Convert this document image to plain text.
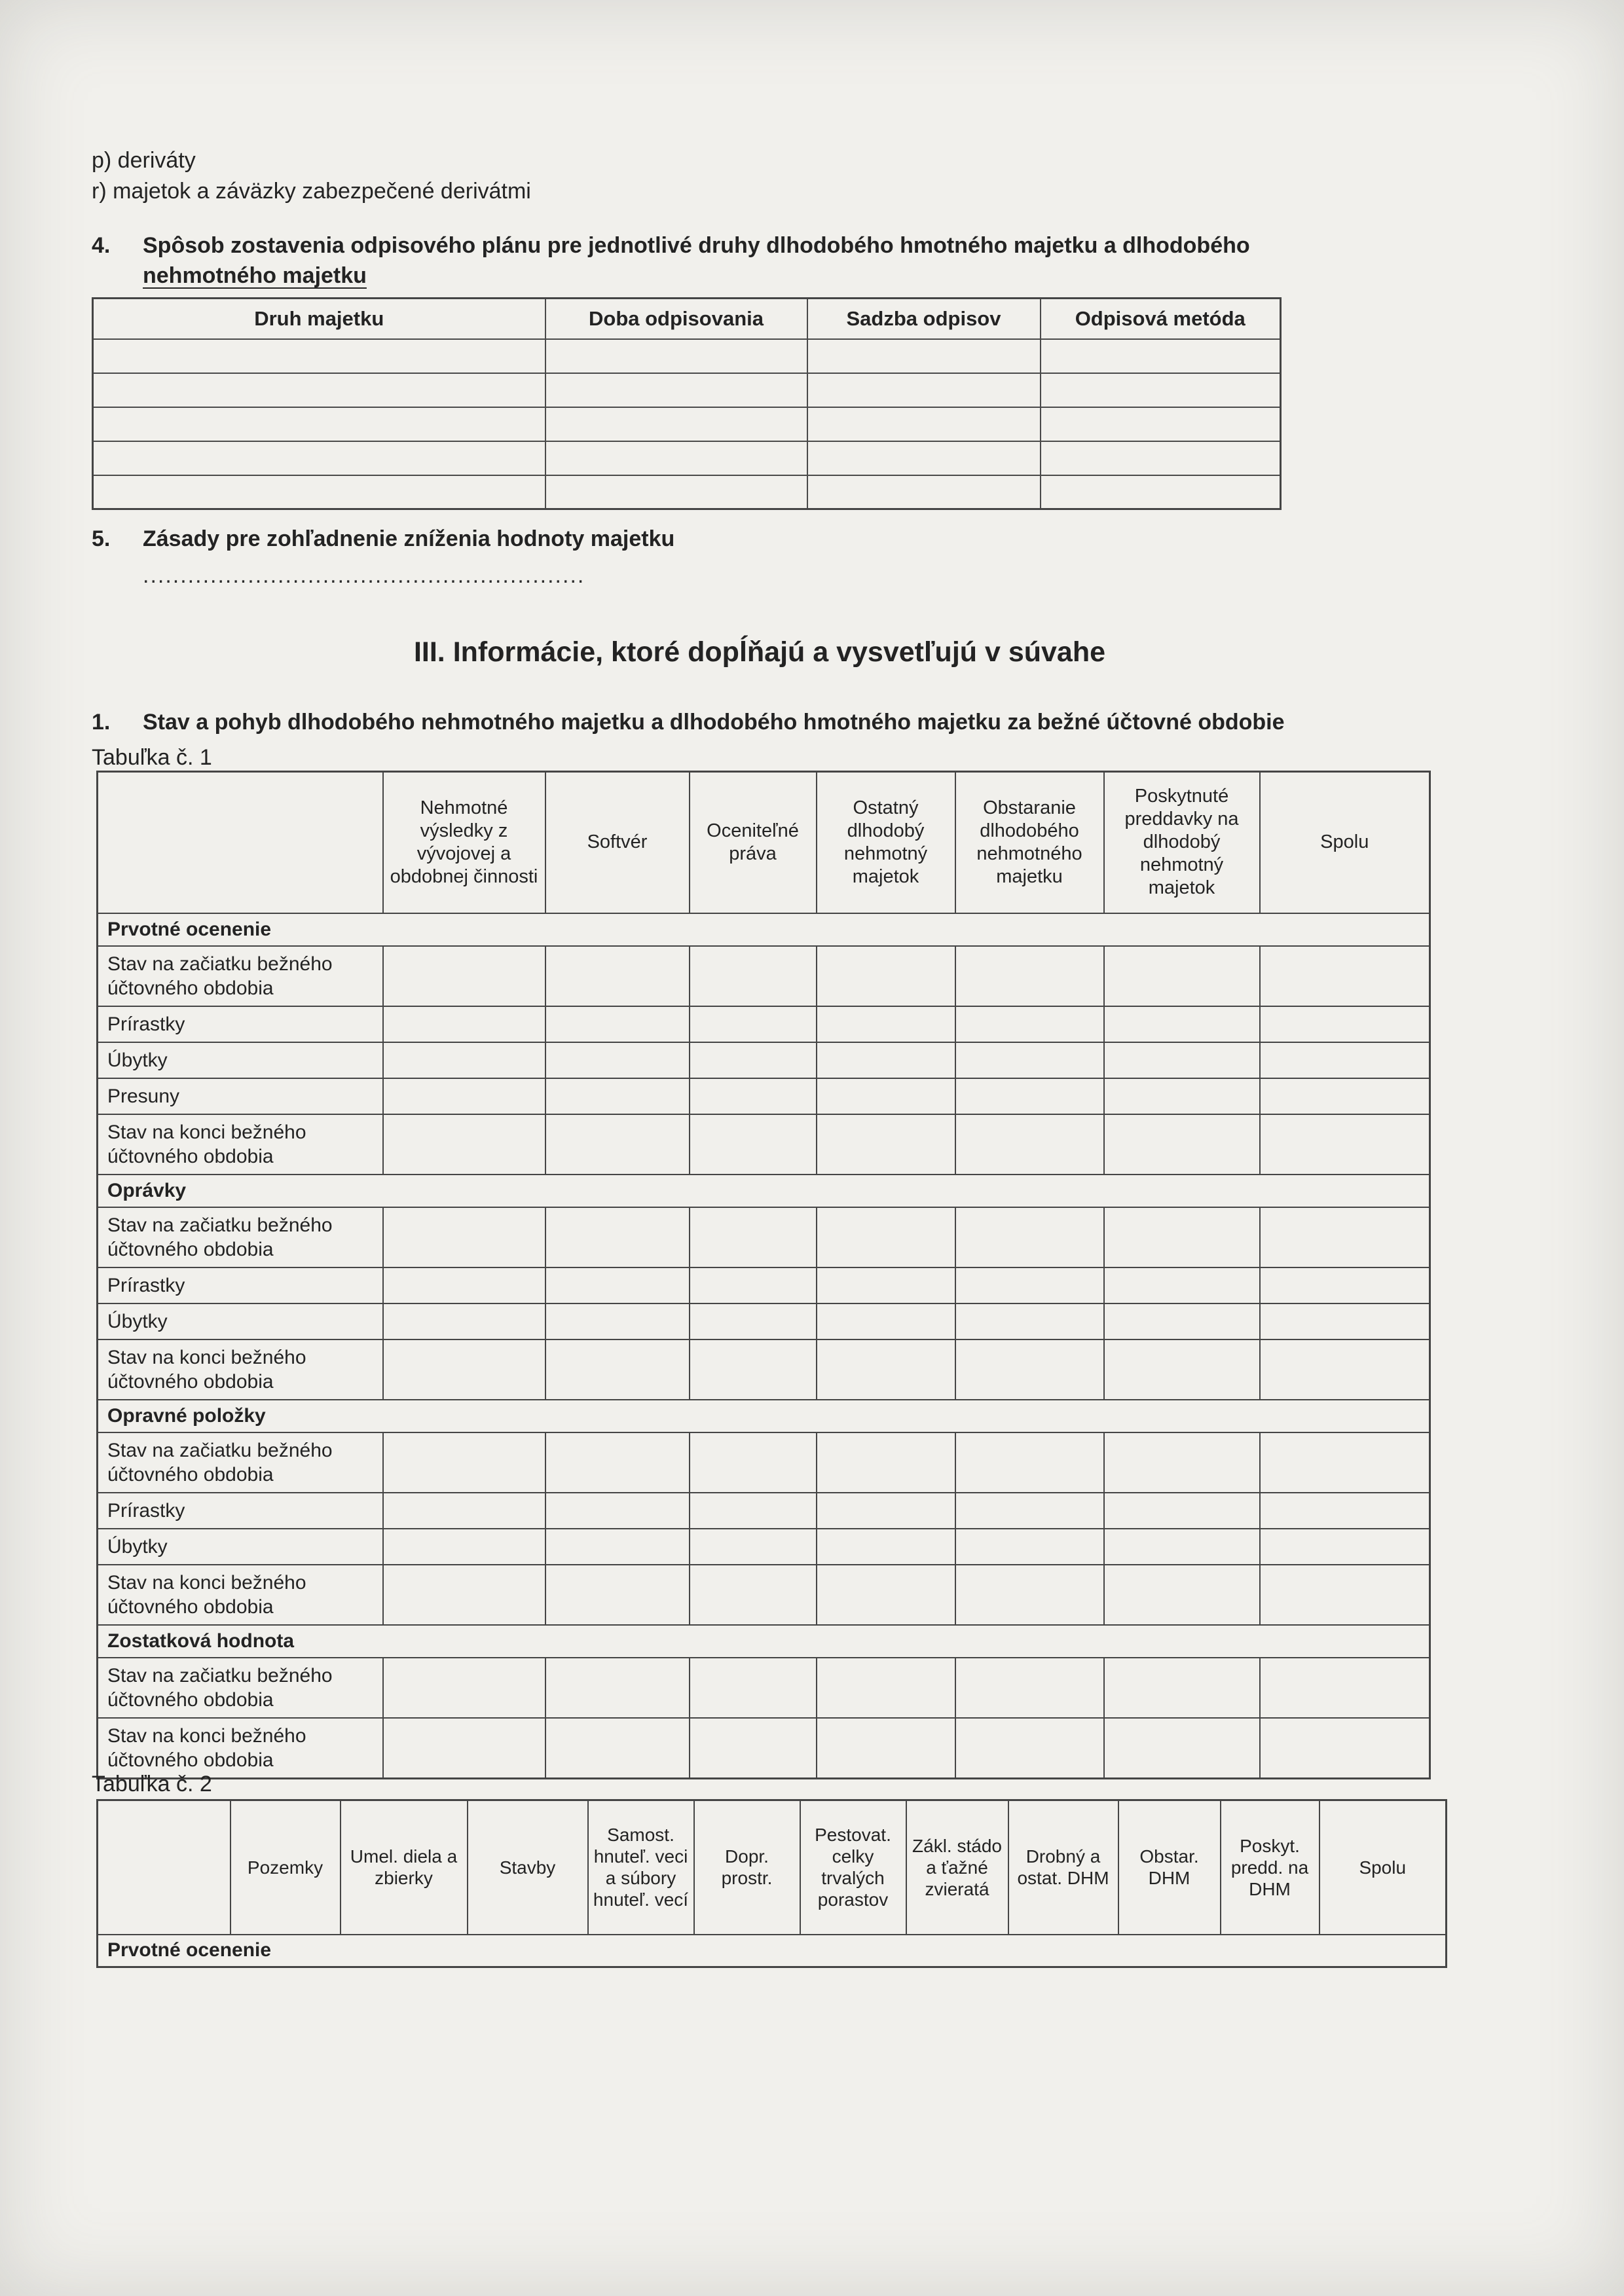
p) deriváty
r) majetok a záväzky zabezpečené derivátmi
4.	Spôsob zostavenia odpisového plánu pre jednotlivé druhy dlhodobého hmotného majetku a dlhodobého
nehmotného majetku
Druh majetku	Doba odpisovania	Sadzba odpisov	Odpisová metóda

5.	Zásady pre zohľadnenie zníženia hodnoty majetku
...........................................................
III. Informácie, ktoré dopĺňajú a vysvetľujú v súvahe
1.	Stav a pohyb dlhodobého nehmotného majetku a dlhodobého hmotného majetku za bežné účtovné obdobie
Tabuľka č. 1
	Nehmotné výsledky z vývojovej a obdobnej činnosti	Softvér	Oceniteľné práva	Ostatný dlhodobý nehmotný majetok	Obstaranie dlhodobého nehmotného majetku	Poskytnuté preddavky na dlhodobý nehmotný majetok	Spolu
Prvotné ocenenie							
Stav na začiatku bežného účtovného obdobia							
Prírastky							
Úbytky							
Presuny							
Stav na konci bežného účtovného obdobia							
Oprávky							
Stav na začiatku bežného účtovného obdobia							
Prírastky							
Úbytky							
Stav na konci bežného účtovného obdobia							
Opravné položky							
Stav na začiatku bežného účtovného obdobia							
Prírastky							
Úbytky							
Stav na konci bežného účtovného obdobia							
Zostatková hodnota							
Stav na začiatku bežného účtovného obdobia							
Stav na konci bežného účtovného obdobia							
Tabuľka č. 2
	Pozemky	Umel. diela a zbierky	Stavby	Samost. hnuteľ. veci a súbory hnuteľ. vecí	Dopr. prostr.	Pestovat. celky trvalých porastov	Zákl. stádo a ťažné zvieratá	Drobný a ostat. DHM	Obstar. DHM	Poskyt. predd. na DHM	Spolu
Prvotné ocenenie
